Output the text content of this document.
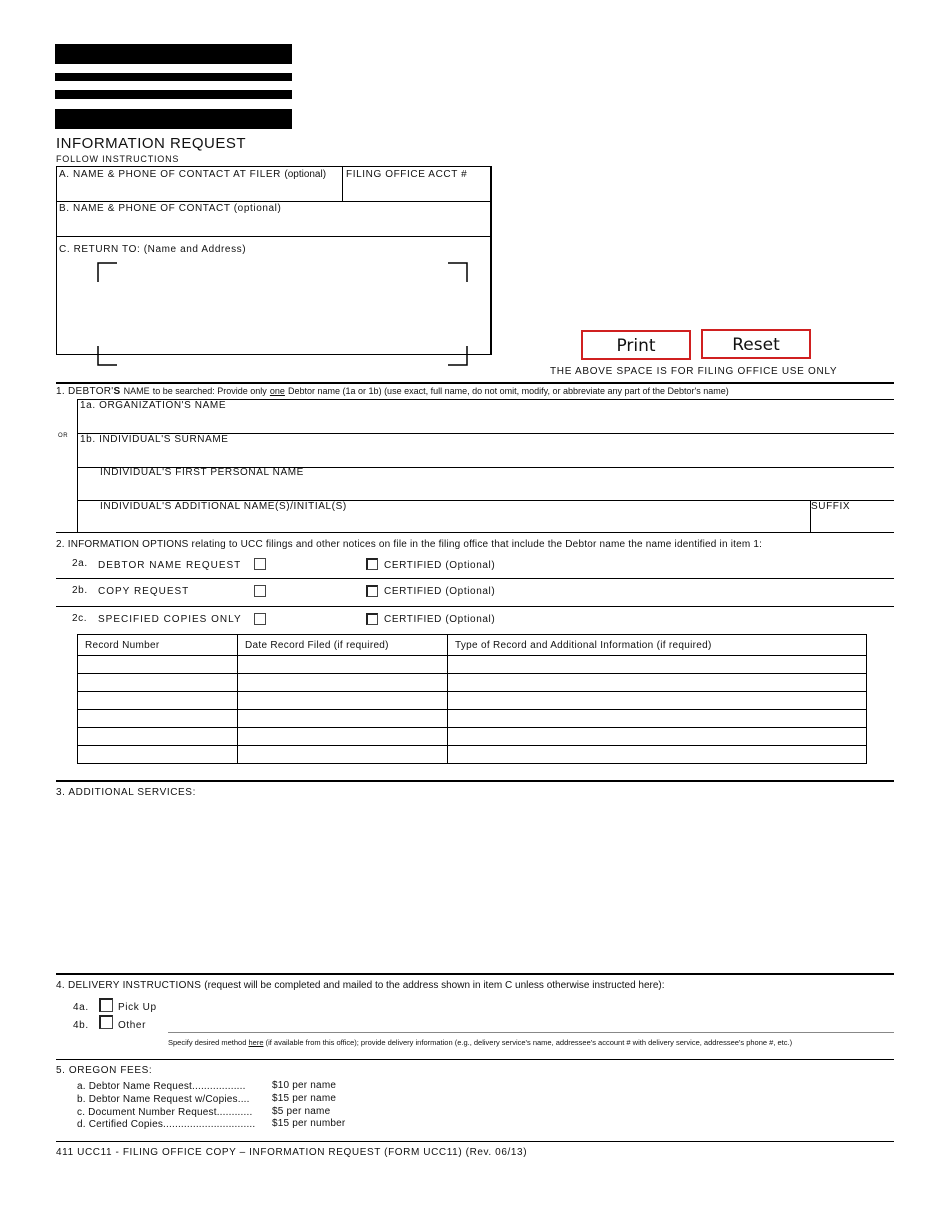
INFORMATION REQUEST
FOLLOW INSTRUCTIONS
A. NAME & PHONE OF CONTACT AT FILER (optional) FILING OFFICE ACCT #
B. NAME & PHONE OF CONTACT (optional)
C. RETURN TO: (Name and Address)
Print	Reset
THE ABOVE SPACE IS FOR FILING OFFICE USE ONLY
1. DEBTOR'S NAME to be searched: Provide only one Debtor name (1a or 1b) (use exact, full name, do not omit, modify, or abbreviate any part of the Debtor's name)
1a. ORGANIZATION'S NAME
OR 1b. INDIVIDUAL'S SURNAME
INDIVIDUAL'S FIRST PERSONAL NAME
INDIVIDUAL'S ADDITIONAL NAME(S)/INITIAL(S)	SUFFIX
2. INFORMATION OPTIONS relating to UCC filings and other notices on file in the filing office that include the Debtor name the name identified in item 1:
2a. DEBTOR NAME REQUEST	CERTIFIED (Optional)
2b. COPY REQUEST	CERTIFIED (Optional)
2c. SPECIFIED COPIES ONLY	CERTIFIED (Optional)
Record Number	Date Record Filed (if required)	Type of Record and Additional Information (if required)

3. ADDITIONAL SERVICES:
4. DELIVERY INSTRUCTIONS (request will be completed and mailed to the address shown in item C unless otherwise instructed here):
4a.	Pick Up
4b.	Other
Specify desired method here (if available from this office); provide delivery information (e.g., delivery service's name, addressee's account # with delivery service, addressee's phone #, etc.)
5. OREGON FEES:
a. Debtor Name Request..................	$10 per name
b. Debtor Name Request w/Copies.... $15 per name
c. Document Number Request............ $5 per name
d. Certified Copies............................... $15 per number
411 UCC11 - FILING OFFICE COPY – INFORMATION REQUEST (FORM UCC11) (Rev. 06/13)
